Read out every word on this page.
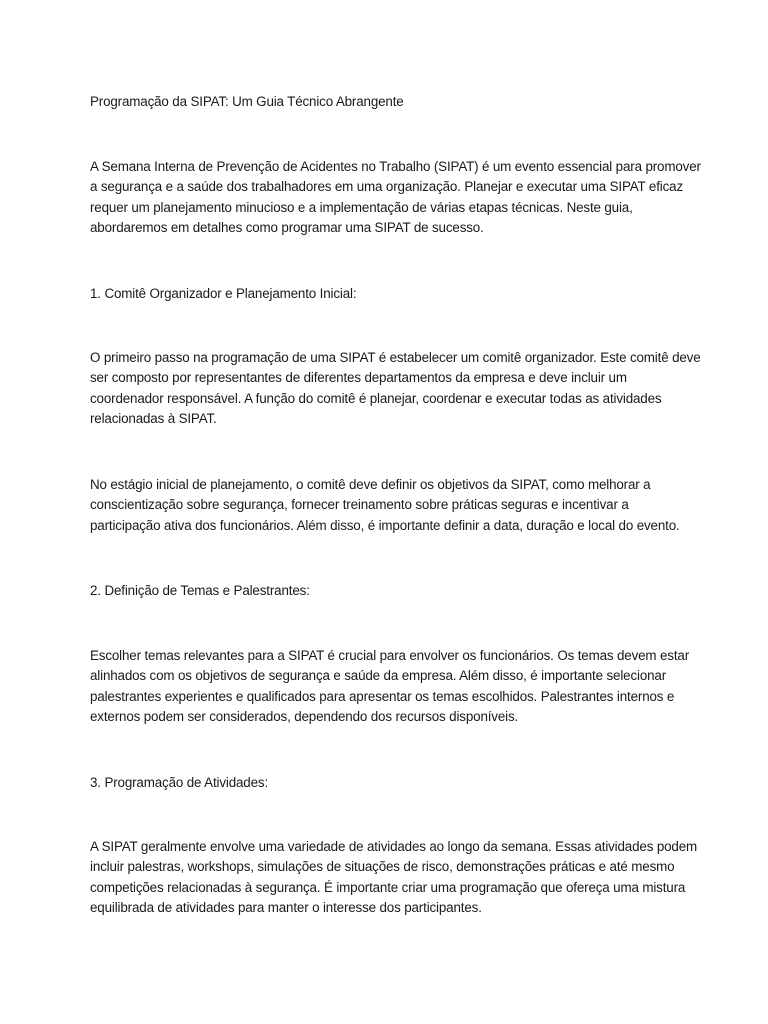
Programação da SIPAT: Um Guia Técnico Abrangente
A Semana Interna de Prevenção de Acidentes no Trabalho (SIPAT) é um evento essencial para promover
a segurança e a saúde dos trabalhadores em uma organização. Planejar e executar uma SIPAT eficaz
requer um planejamento minucioso e a implementação de várias etapas técnicas. Neste guia,
abordaremos em detalhes como programar uma SIPAT de sucesso.
1. Comitê Organizador e Planejamento Inicial:
O primeiro passo na programação de uma SIPAT é estabelecer um comitê organizador. Este comitê deve
ser composto por representantes de diferentes departamentos da empresa e deve incluir um
coordenador responsável. A função do comitê é planejar, coordenar e executar todas as atividades
relacionadas à SIPAT.
No estágio inicial de planejamento, o comitê deve definir os objetivos da SIPAT, como melhorar a
conscientização sobre segurança, fornecer treinamento sobre práticas seguras e incentivar a
participação ativa dos funcionários. Além disso, é importante definir a data, duração e local do evento.
2. Definição de Temas e Palestrantes:
Escolher temas relevantes para a SIPAT é crucial para envolver os funcionários. Os temas devem estar
alinhados com os objetivos de segurança e saúde da empresa. Além disso, é importante selecionar
palestrantes experientes e qualificados para apresentar os temas escolhidos. Palestrantes internos e
externos podem ser considerados, dependendo dos recursos disponíveis.
3. Programação de Atividades:
A SIPAT geralmente envolve uma variedade de atividades ao longo da semana. Essas atividades podem
incluir palestras, workshops, simulações de situações de risco, demonstrações práticas e até mesmo
competições relacionadas à segurança. É importante criar uma programação que ofereça uma mistura
equilibrada de atividades para manter o interesse dos participantes.
